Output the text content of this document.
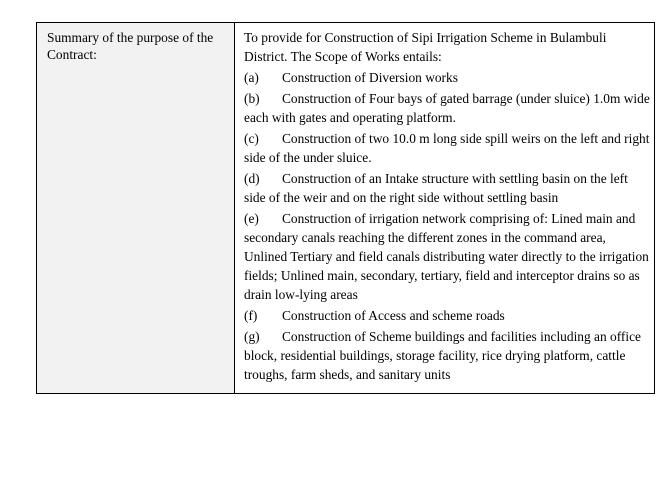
Summary of the purpose of the Contract:

To provide for Construction of Sipi Irrigation Scheme in Bulambuli District. The Scope of Works entails:

(a) Construction of Diversion works

(b) Construction of Four bays of gated barrage (under sluice) 1.0m wide each with gates and operating platform.

(c) Construction of two 10.0 m long side spill weirs on the left and right side of the under sluice.

(d) Construction of an Intake structure with settling basin on the left side of the weir and on the right side without settling basin

(e) Construction of irrigation network comprising of: Lined main and secondary canals reaching the different zones in the command area, Unlined Tertiary and field canals distributing water directly to the irrigation fields; Unlined main, secondary, tertiary, field and interceptor drains so as drain low-lying areas

(f) Construction of Access and scheme roads

(g) Construction of Scheme buildings and facilities including an office block, residential buildings, storage facility, rice drying platform, cattle troughs, farm sheds, and sanitary units
